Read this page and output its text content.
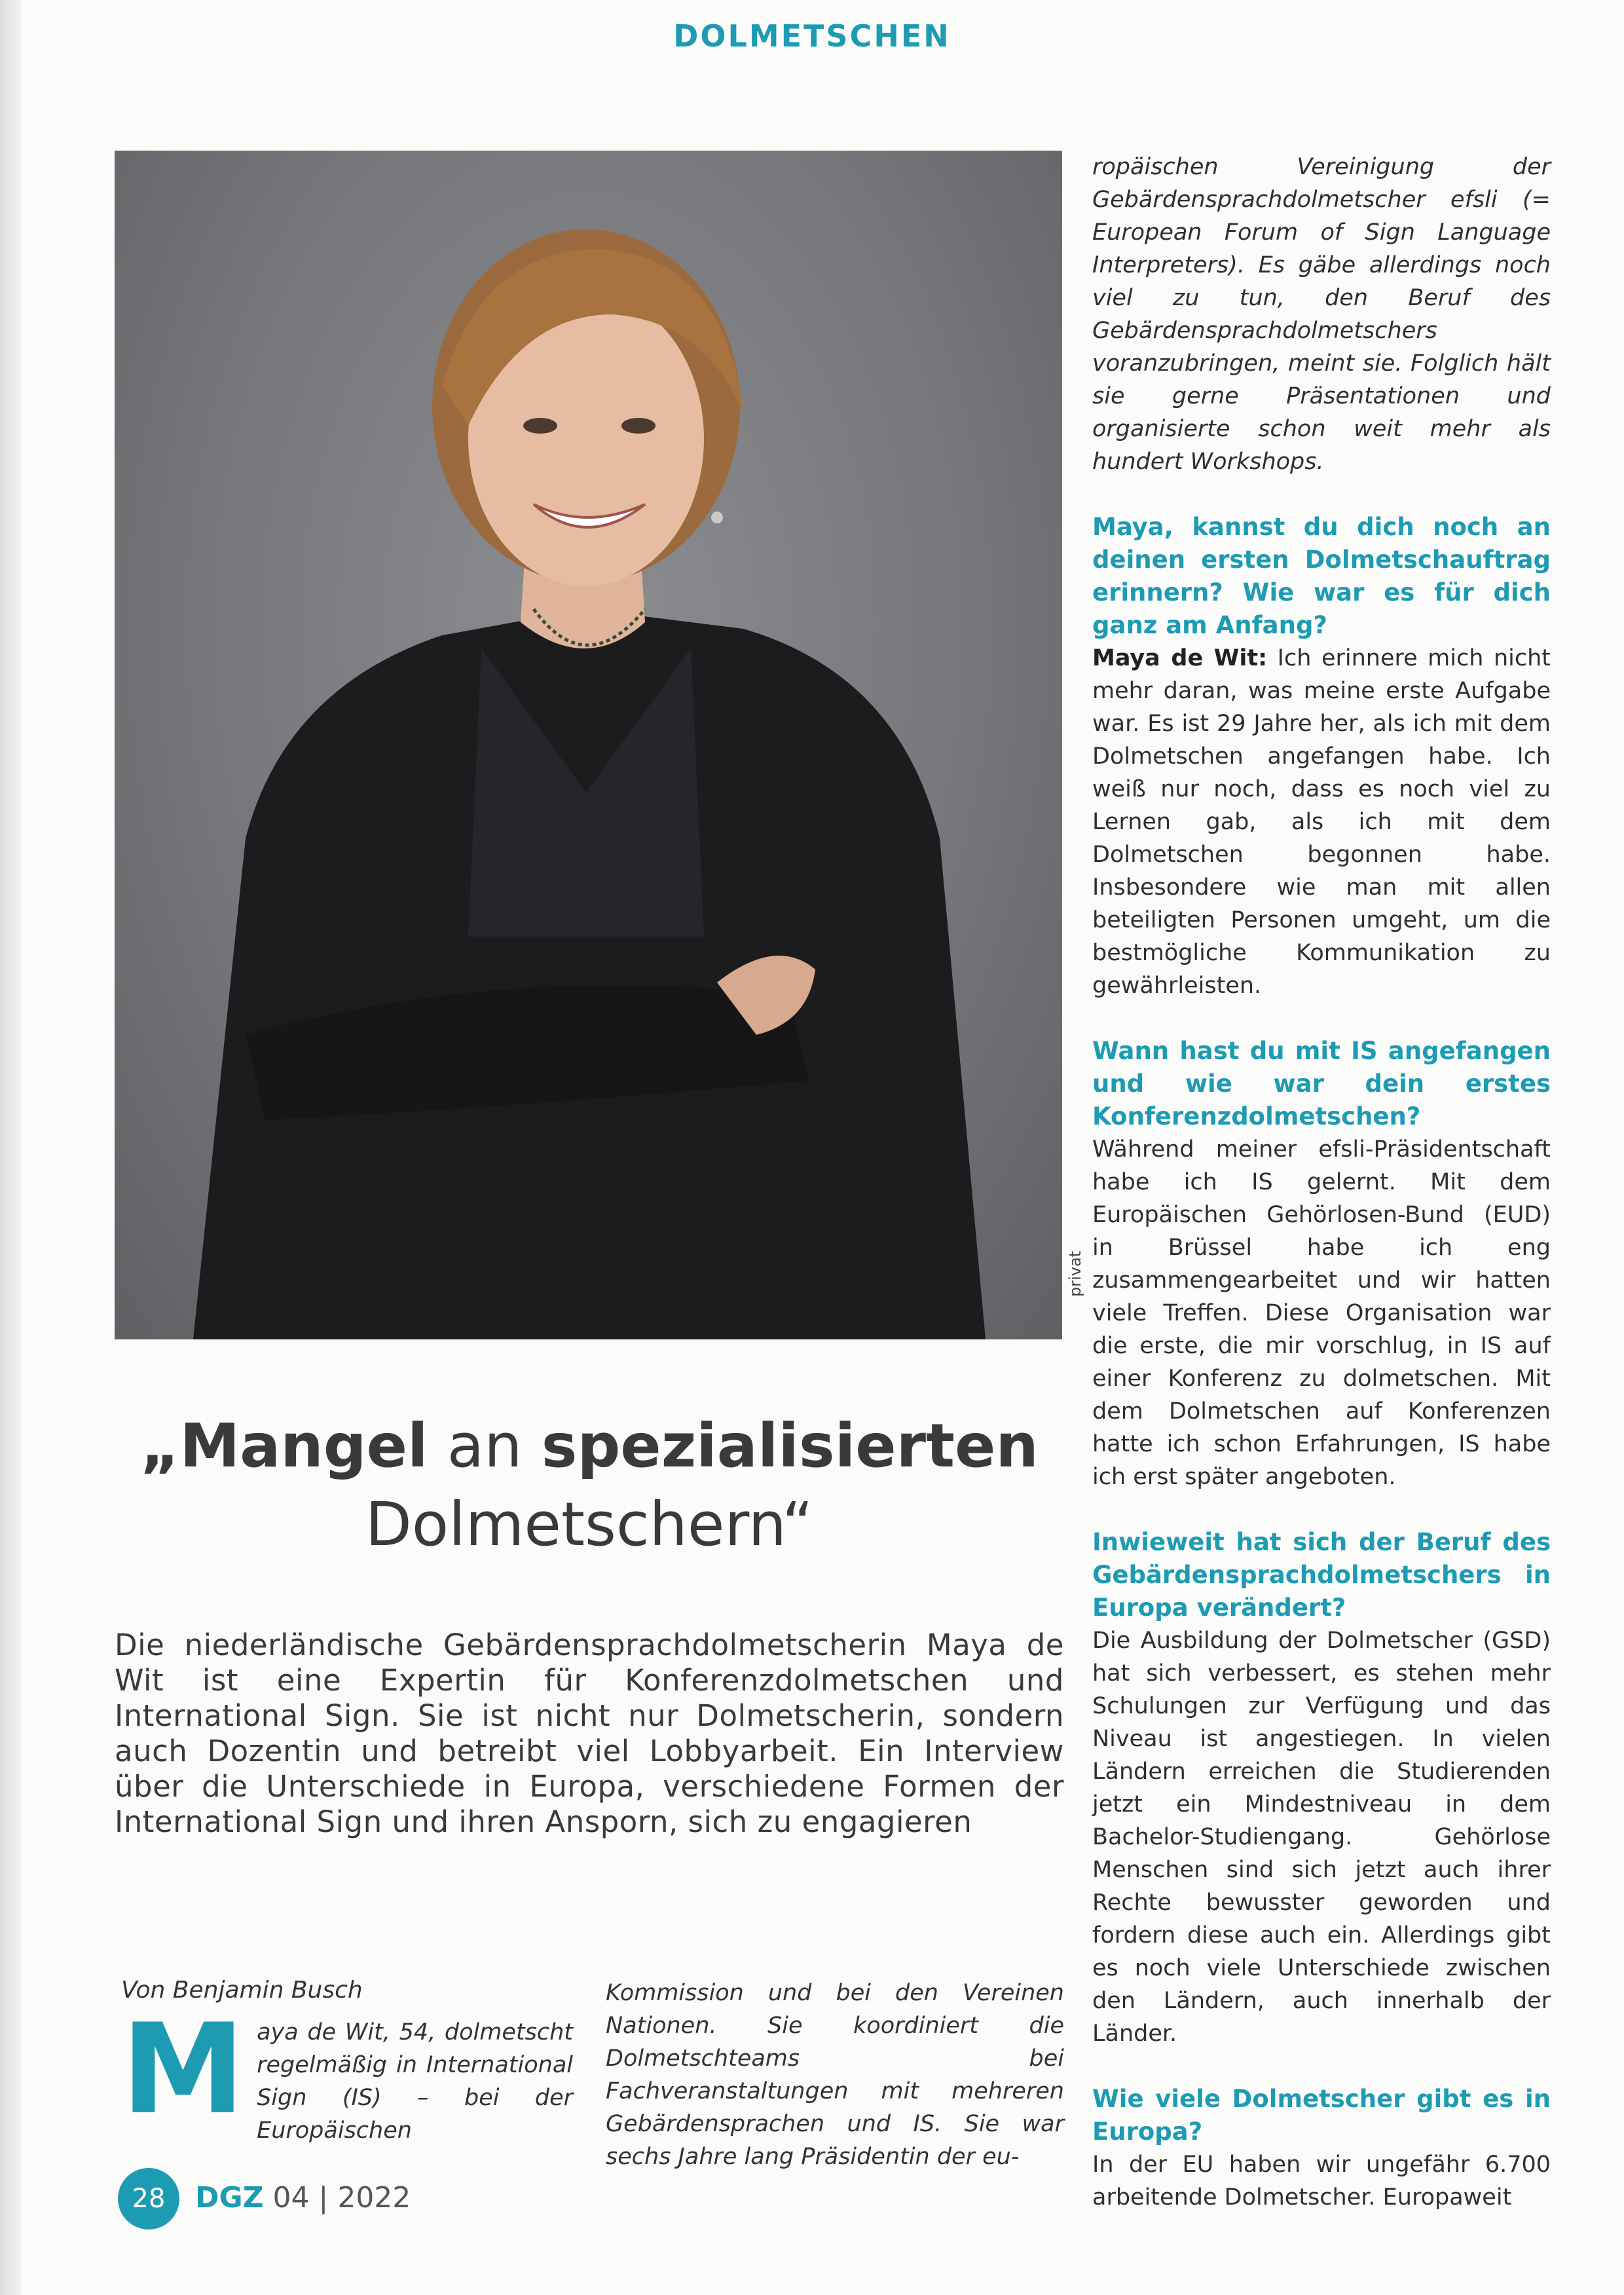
DOLMETSCHEN
privat
„Mangel an spezialisierten
Dolmetschern“
Die niederländische Gebärdensprachdolmetscherin Maya de Wit ist eine Expertin für Konferenzdolmetschen und International Sign. Sie ist nicht nur Dolmetscherin, sondern auch Dozentin und betreibt viel Lobbyarbeit. Ein Interview über die Unterschiede in Europa, verschiedene Formen der International Sign und ihren Ansporn, sich zu engagieren
Von Benjamin Busch
M aya de Wit, 54, dolmetscht regelmäßig in International Sign (IS) – bei der Europäischen
Kommission und bei den Vereinen Nationen. Sie koordiniert die Dolmetschteams bei Fachveranstaltungen mit mehreren Gebärdensprachen und IS. Sie war sechs Jahre lang Präsidentin der eu-

ropäischen Vereinigung der Gebärdensprachdolmetscher efsli (= European Forum of Sign Language Interpreters). Es gäbe allerdings noch viel zu tun, den Beruf des Gebärdensprachdolmetschers voranzubringen, meint sie. Folglich hält sie gerne Präsentationen und organisierte schon weit mehr als hundert Workshops.

Maya, kannst du dich noch an deinen ersten Dolmetschauftrag erinnern? Wie war es für dich ganz am Anfang?

Maya de Wit: Ich erinnere mich nicht mehr daran, was meine erste Aufgabe war. Es ist 29 Jahre her, als ich mit dem Dolmetschen angefangen habe. Ich weiß nur noch, dass es noch viel zu Lernen gab, als ich mit dem Dolmetschen begonnen habe. Insbesondere wie man mit allen beteiligten Personen umgeht, um die bestmögliche Kommunikation zu gewährleisten.

Wann hast du mit IS angefangen und wie war dein erstes Konferenzdolmetschen?

Während meiner efsli-Präsidentschaft habe ich IS gelernt. Mit dem Europäischen Gehörlosen-Bund (EUD) in Brüssel habe ich eng zusammengearbeitet und wir hatten viele Treffen. Diese Organisation war die erste, die mir vorschlug, in IS auf einer Konferenz zu dolmetschen. Mit dem Dolmetschen auf Konferenzen hatte ich schon Erfahrungen, IS habe ich erst später angeboten.

Inwieweit hat sich der Beruf des Gebärdensprachdolmetschers in Europa verändert?

Die Ausbildung der Dolmetscher (GSD) hat sich verbessert, es stehen mehr Schulungen zur Verfügung und das Niveau ist angestiegen. In vielen Ländern erreichen die Studierenden jetzt ein Mindestniveau in dem Bachelor-Studiengang. Gehörlose Menschen sind sich jetzt auch ihrer Rechte bewusster geworden und fordern diese auch ein. Allerdings gibt es noch viele Unterschiede zwischen den Ländern, auch innerhalb der Länder.

Wie viele Dolmetscher gibt es in Europa?

In der EU haben wir ungefähr 6.700 arbeitende Dolmetscher. Europaweit

28	DGZ 04 | 2022
